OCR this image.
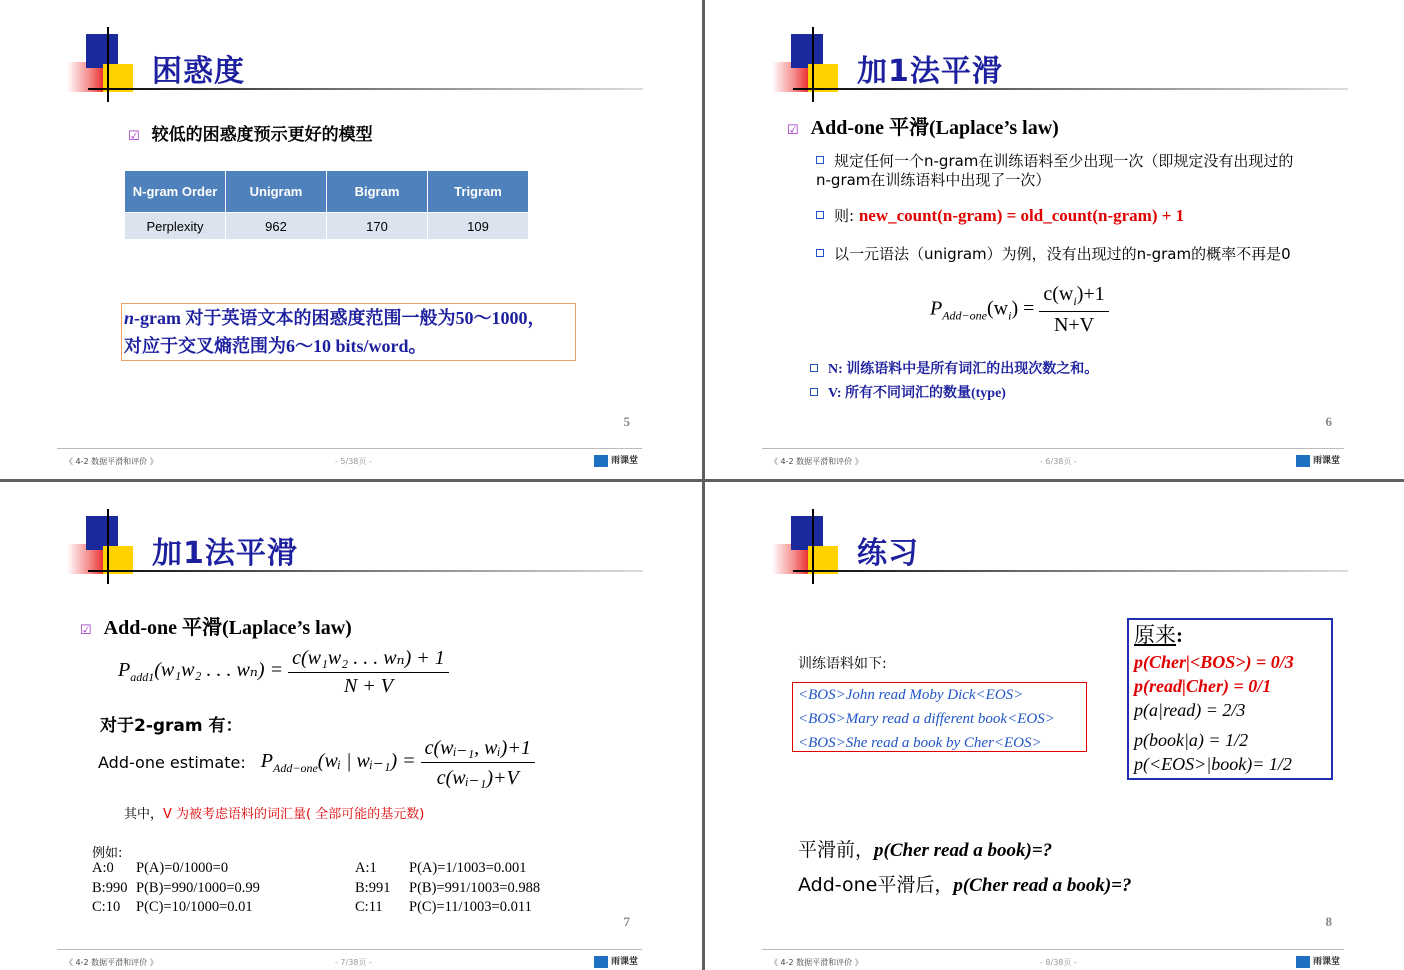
困惑度
☑ 较低的困惑度预示更好的模型
N-gram Order	Unigram	Bigram	Trigram
Perplexity	962	170	109
n-gram 对于英语文本的困惑度范围一般为50～1000，
对应于交叉熵范围为6～10 bits/word。
5
《 4-2 数据平滑和评价 》	- 5/38页 -	雨课堂
加1法平滑
☑ Add-one 平滑(Laplace’s law)
规定任何一个n-gram在训练语料至少出现一次（即规定没有出现过的n-gram在训练语料中出现了一次）
则: new_count(n-gram) = old_count(n-gram) + 1
以一元语法（unigram）为例，没有出现过的n-gram的概率不再是0
$P_{Add-one}(w_i) = \frac{c(w_i)+1}{N+V}$
N: 训练语料中是所有词汇的出现次数之和。
V: 所有不同词汇的数量(type)
6
《 4-2 数据平滑和评价 》	- 6/38页 -	雨课堂
加1法平滑
☑ Add-one 平滑(Laplace’s law)
$P_{add1}(w_1w_2$ . . . $w_n) = \frac{\text{c(w₁w₂ . . . wₙ) + 1}}{N + V}$
对于2-gram 有：
Add-one estimate: $P_{Add-one}(wᵢ$ | wᵢ₋₁) = $\frac{\text{c(wᵢ₋₁, wᵢ)+1}}{\text{c(wᵢ₋₁)+V}}$
其中，V 为被考虑语料的词汇量( 全部可能的基元数)
例如:
A:0 P(A)=0/1000=0
B:990 P(B)=990/1000=0.99
C:10 P(C)=10/1000=0.01
A:1 P(A)=1/1003=0.001
B:991 P(B)=991/1003=0.988
C:11 P(C)=11/1003=0.011
7
《 4-2 数据平滑和评价 》	- 7/38页 -	雨课堂
练习
训练语料如下:
<BOS>John read Moby Dick<EOS>
<BOS>Mary read a different book<EOS>
<BOS>She read a book by Cher<EOS>
原来:
p(Cher|<BOS>) = 0/3
p(read|Cher) = 0/1
p(a|read) = 2/3
p(book|a) = 1/2
p(<EOS>|book)= 1/2
平滑前，p(Cher read a book)=?
Add-one平滑后，p(Cher read a book)=?
8
《 4-2 数据平滑和评价 》	- 8/38页 -	雨课堂
